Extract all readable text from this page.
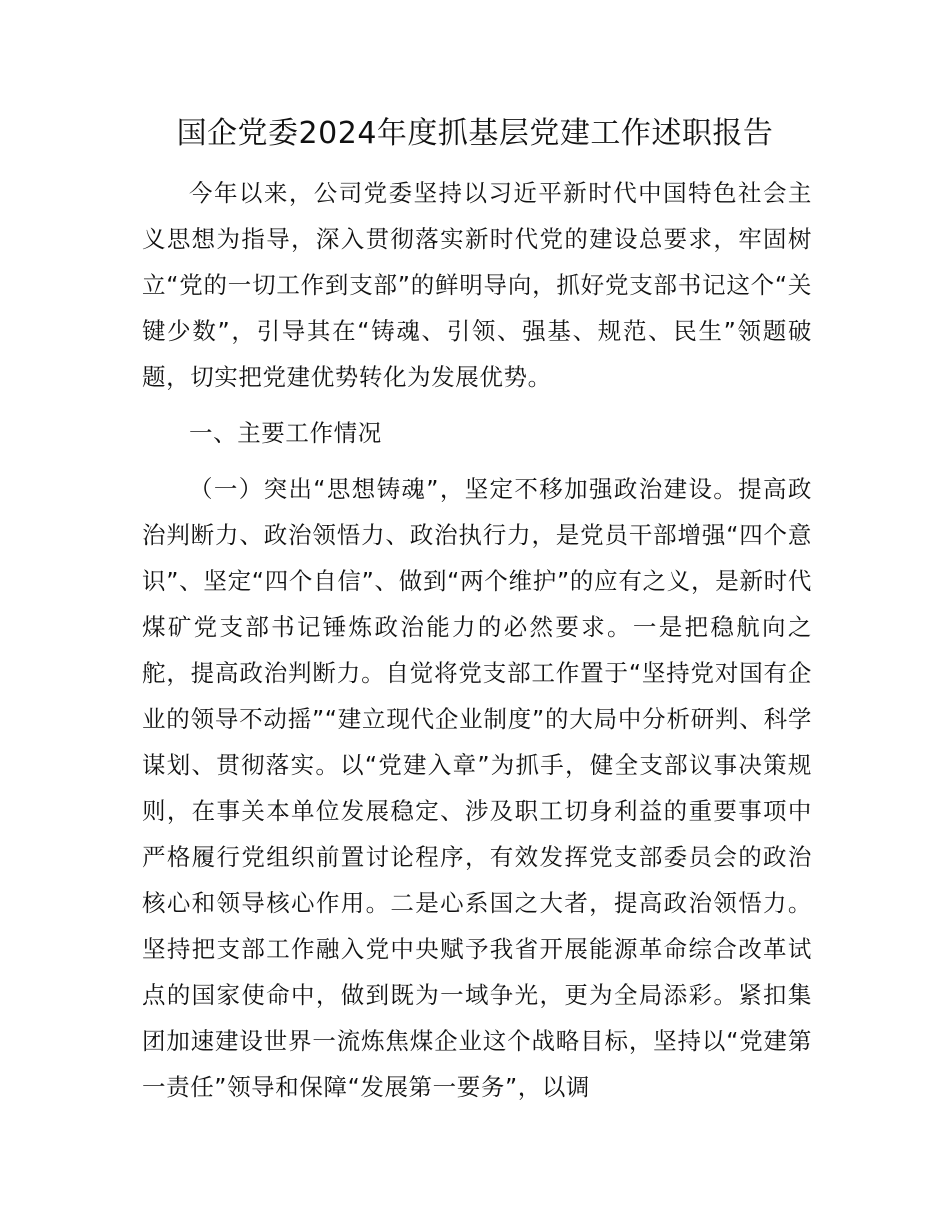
国企党委2024年度抓基层党建工作述职报告

今年以来，公司党委坚持以习近平新时代中国特色社会主义思想为指导，深入贯彻落实新时代党的建设总要求，牢固树立“党的一切工作到支部”的鲜明导向，抓好党支部书记这个“关键少数”，引导其在“铸魂、引领、强基、规范、民生”领题破题，切实把党建优势转化为发展优势。

一、主要工作情况

（一）突出“思想铸魂”，坚定不移加强政治建设。提高政治判断力、政治领悟力、政治执行力，是党员干部增强“四个意识”、坚定“四个自信”、做到“两个维护”的应有之义，是新时代煤矿党支部书记锤炼政治能力的必然要求。一是把稳航向之舵，提高政治判断力。自觉将党支部工作置于“坚持党对国有企业的领导不动摇”“建立现代企业制度”的大局中分析研判、科学谋划、贯彻落实。以“党建入章”为抓手，健全支部议事决策规则，在事关本单位发展稳定、涉及职工切身利益的重要事项中严格履行党组织前置讨论程序，有效发挥党支部委员会的政治核心和领导核心作用。二是心系国之大者，提高政治领悟力。坚持把支部工作融入党中央赋予我省开展能源革命综合改革试点的国家使命中，做到既为一域争光，更为全局添彩。紧扣集团加速建设世界一流炼焦煤企业这个战略目标，坚持以“党建第一责任”领导和保障“发展第一要务”，以调
